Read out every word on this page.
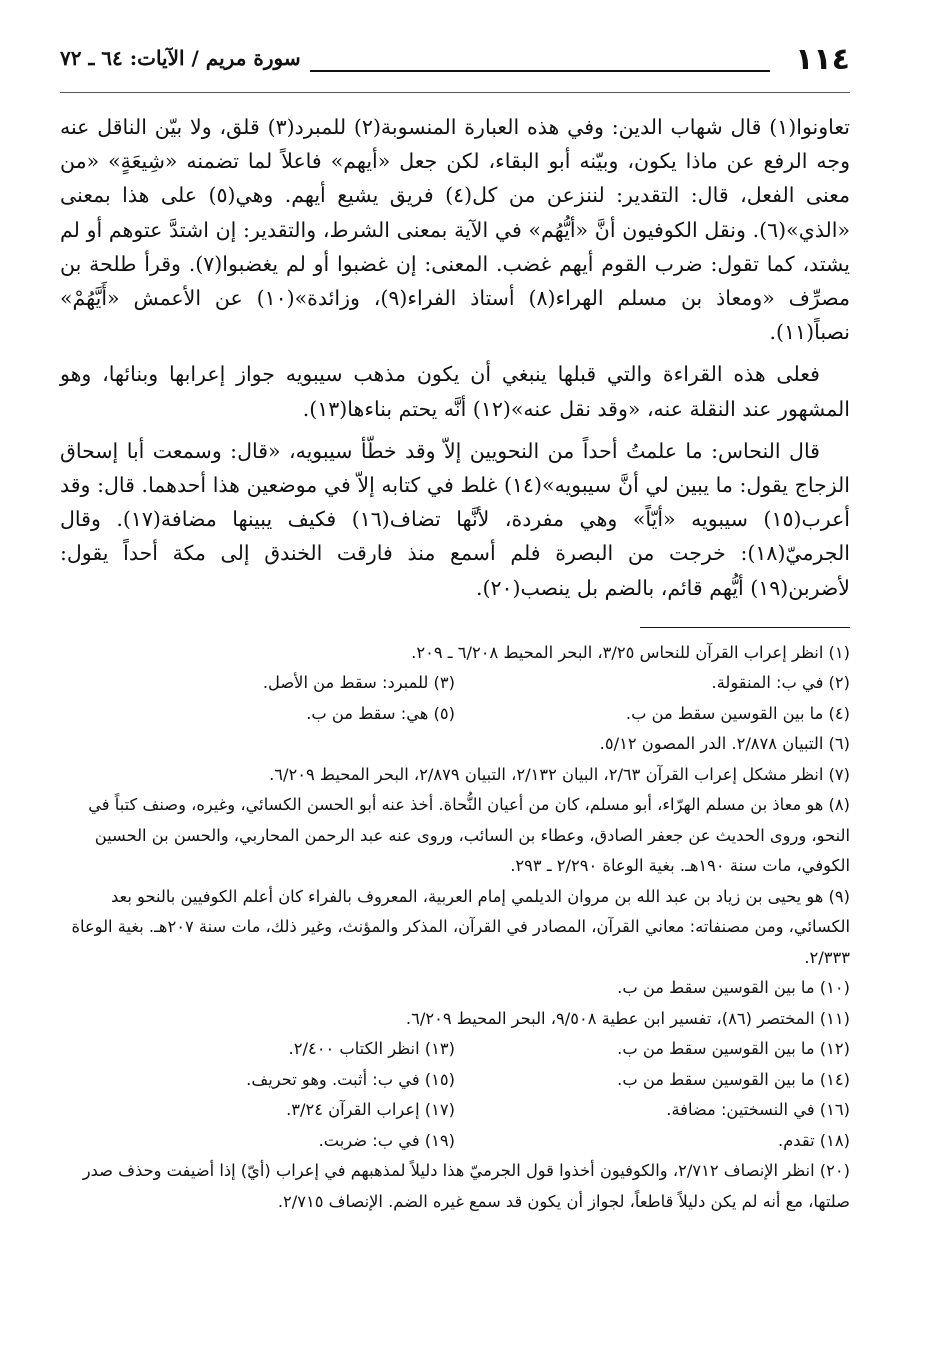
١١٤
سورة مريم / الآيات: ٦٤ ـ ٧٢

تعاونوا(١) قال شهاب الدين: وفي هذه العبارة المنسوبة(٢) للمبرد(٣) قلق، ولا بيّن الناقل عنه وجه الرفع عن ماذا يكون، وبيّنه أبو البقاء، لكن جعل «أيهم» فاعلاً لما تضمنه «شِيعَةٍ» «من معنى الفعل، قال: التقدير: لننزعن من كل(٤) فريق يشيع أيهم. وهي(٥) على هذا بمعنى «الذي»(٦). ونقل الكوفيون أنَّ «أيُّهُم» في الآية بمعنى الشرط، والتقدير: إن اشتدَّ عتوهم أو لم يشتد، كما تقول: ضرب القوم أيهم غضب. المعنى: إن غضبوا أو لم يغضبوا(٧). وقرأ طلحة بن مصرِّف «ومعاذ بن مسلم الهراء(٨) أستاذ الفراء(٩)، وزائدة»(١٠) عن الأعمش «أَيَّهُمْ» نصباً(١١).

فعلى هذه القراءة والتي قبلها ينبغي أن يكون مذهب سيبويه جواز إعرابها وبنائها، وهو المشهور عند النقلة عنه، «وقد نقل عنه»(١٢) أنَّه يحتم بناءها(١٣).

قال النحاس: ما علمتُ أحداً من النحويين إلاّ وقد خطّأ سيبويه، «قال: وسمعت أبا إسحاق الزجاج يقول: ما يبين لي أنَّ سيبويه»(١٤) غلط في كتابه إلاّ في موضعين هذا أحدهما. قال: وقد أعرب(١٥) سيبويه «أيّاً» وهي مفردة، لأنَّها تضاف(١٦) فكيف يبينها مضافة(١٧). وقال الجرميّ(١٨): خرجت من البصرة فلم أسمع منذ فارقت الخندق إلى مكة أحداً يقول: لأضربن(١٩) أيُّهم قائم، بالضم بل ينصب(٢٠).

(١) انظر إعراب القرآن للنحاس ٣/٢٥، البحر المحيط ٦/٢٠٨ ـ ٢٠٩.
(٢) في ب: المنقولة.
(٣) للمبرد: سقط من الأصل.
(٤) ما بين القوسين سقط من ب.
(٥) هي: سقط من ب.
(٦) التبيان ٢/٨٧٨. الدر المصون ٥/١٢.
(٧) انظر مشكل إعراب القرآن ٢/٦٣، البيان ٢/١٣٢، التبيان ٢/٨٧٩، البحر المحيط ٦/٢٠٩.
(٨) هو معاذ بن مسلم الهرّاء، أبو مسلم، كان من أعيان النُّحاة. أخذ عنه أبو الحسن الكسائي، وغيره، وصنف كتباً في النحو، وروى الحديث عن جعفر الصادق، وعطاء بن السائب، وروى عنه عبد الرحمن المحاربي، والحسن بن الحسين الكوفي، مات سنة ١٩٠هـ. بغية الوعاة ٢/٢٩٠ ـ ٢٩٣.
(٩) هو يحيى بن زياد بن عبد الله بن مروان الديلمي إمام العربية، المعروف بالفراء كان أعلم الكوفيين بالنحو بعد الكسائي، ومن مصنفاته: معاني القرآن، المصادر في القرآن، المذكر والمؤنث، وغير ذلك، مات سنة ٢٠٧هـ. بغية الوعاة ٢/٣٣٣.
(١٠) ما بين القوسين سقط من ب.
(١١) المختصر (٨٦)، تفسير ابن عطية ٩/٥٠٨، البحر المحيط ٦/٢٠٩.
(١٢) ما بين القوسين سقط من ب.
(١٣) انظر الكتاب ٢/٤٠٠.
(١٤) ما بين القوسين سقط من ب.
(١٥) في ب: أثبت. وهو تحريف.
(١٦) في النسختين: مضافة.
(١٧) إعراب القرآن ٣/٢٤.
(١٨) تقدم.
(١٩) في ب: ضربت.
(٢٠) انظر الإنصاف ٢/٧١٢، والكوفيون أخذوا قول الجرميّ هذا دليلاً لمذهبهم في إعراب (أيّ) إذا أضيفت وحذف صدر صلتها، مع أنه لم يكن دليلاً قاطعاً، لجواز أن يكون قد سمع غيره الضم. الإنصاف ٢/٧١٥.
